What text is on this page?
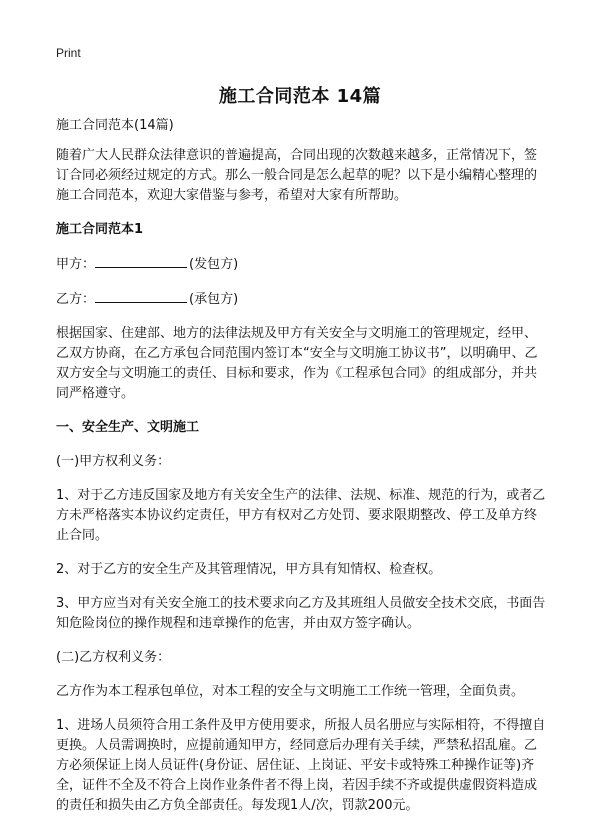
Print
施工合同范本 14篇

施工合同范本(14篇)

随着广大人民群众法律意识的普遍提高，合同出现的次数越来越多，正常情况下，签订合同必须经过规定的方式。那么一般合同是怎么起草的呢？以下是小编精心整理的施工合同范本，欢迎大家借鉴与参考，希望对大家有所帮助。

施工合同范本1

甲方：	(发包方)

乙方：	(承包方)

根据国家、住建部、地方的法律法规及甲方有关安全与文明施工的管理规定，经甲、乙双方协商，在乙方承包合同范围内签订本“安全与文明施工协议书”，以明确甲、乙双方安全与文明施工的责任、目标和要求，作为《工程承包合同》的组成部分，并共同严格遵守。

一、安全生产、文明施工

(一)甲方权利义务：

1、对于乙方违反国家及地方有关安全生产的法律、法规、标准、规范的行为，或者乙方未严格落实本协议约定责任，甲方有权对乙方处罚、要求限期整改、停工及单方终止合同。

2、对于乙方的安全生产及其管理情况，甲方具有知情权、检查权。

3、甲方应当对有关安全施工的技术要求向乙方及其班组人员做安全技术交底，书面告知危险岗位的操作规程和违章操作的危害，并由双方签字确认。

(二)乙方权利义务：

乙方作为本工程承包单位，对本工程的安全与文明施工工作统一管理，全面负责。

1、进场人员须符合用工条件及甲方使用要求，所报人员名册应与实际相符，不得擅自更换。人员需调换时，应提前通知甲方，经同意后办理有关手续，严禁私招乱雇。乙方必须保证上岗人员证件(身份证、居住证、上岗证、平安卡或特殊工种操作证等)齐全，证件不全及不符合上岗作业条件者不得上岗，若因手续不齐或提供虚假资料造成的责任和损失由乙方负全部责任。每发现1人/次，罚款200元。
